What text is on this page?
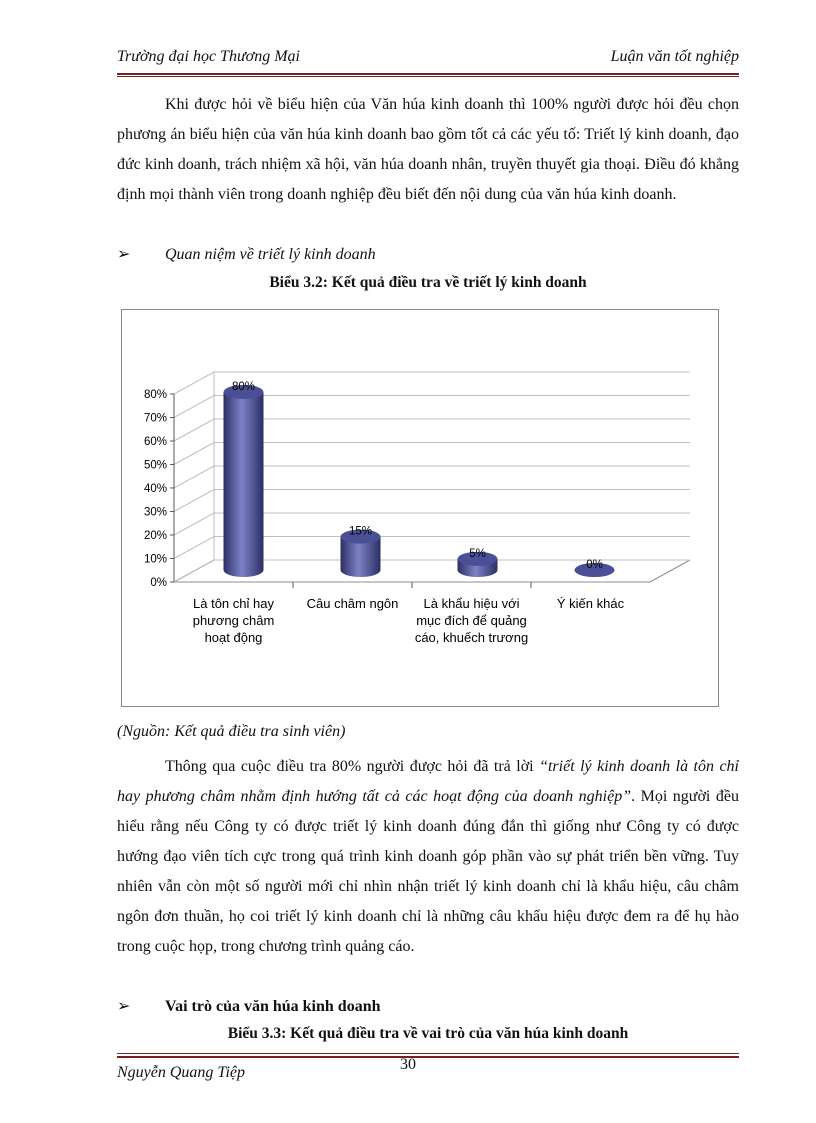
Trường đại học Thương Mại	Luận văn tốt nghiệp
Khi được hỏi về biểu hiện của Văn húa kinh doanh thì 100% người được hỏi đều chọn phương án biểu hiện của văn húa kinh doanh bao gồm tốt cả các yếu tố: Triết lý kinh doanh, đạo đức kinh doanh, trách nhiệm xã hội, văn húa doanh nhân, truyền thuyết gia thoại. Điều đó khẳng định mọi thành viên trong doanh nghiệp đều biết đến nội dung của văn húa kinh doanh.
➢ Quan niệm về triết lý kinh doanh
Biểu 3.2: Kết quả điều tra về triết lý kinh doanh
0%
10%
20%
30%
40%
50%
60%
70%
80%
80%
15%
5%
0%
Là tôn chỉ hay
phương châm
hoạt động
Câu châm ngôn Là khẩu hiệu với
mục đích để quảng
cáo, khuếch trương
Ý kiến khác
(Nguồn: Kết quả điều tra sinh viên)
Thông qua cuộc điều tra 80% người được hỏi đã trả lời “triết lý kinh doanh là tôn chỉ hay phương châm nhằm định hướng tất cả các hoạt động của doanh nghiệp”. Mọi người đều hiểu rằng nếu Công ty có được triết lý kinh doanh đúng đắn thì giống như Công ty có được hướng đạo viên tích cực trong quá trình kinh doanh góp phần vào sự phát triển bền vững. Tuy nhiên vẫn còn một số người mới chỉ nhìn nhận triết lý kinh doanh chỉ là khẩu hiệu, câu châm ngôn đơn thuần, họ coi triết lý kinh doanh chỉ là những câu khẩu hiệu được đem ra để hụ hào trong cuộc họp, trong chương trình quảng cáo.
➢ Vai trò của văn húa kinh doanh
Biểu 3.3: Kết quả điều tra về vai trò của văn húa kinh doanh
30
Nguyễn Quang Tiệp
